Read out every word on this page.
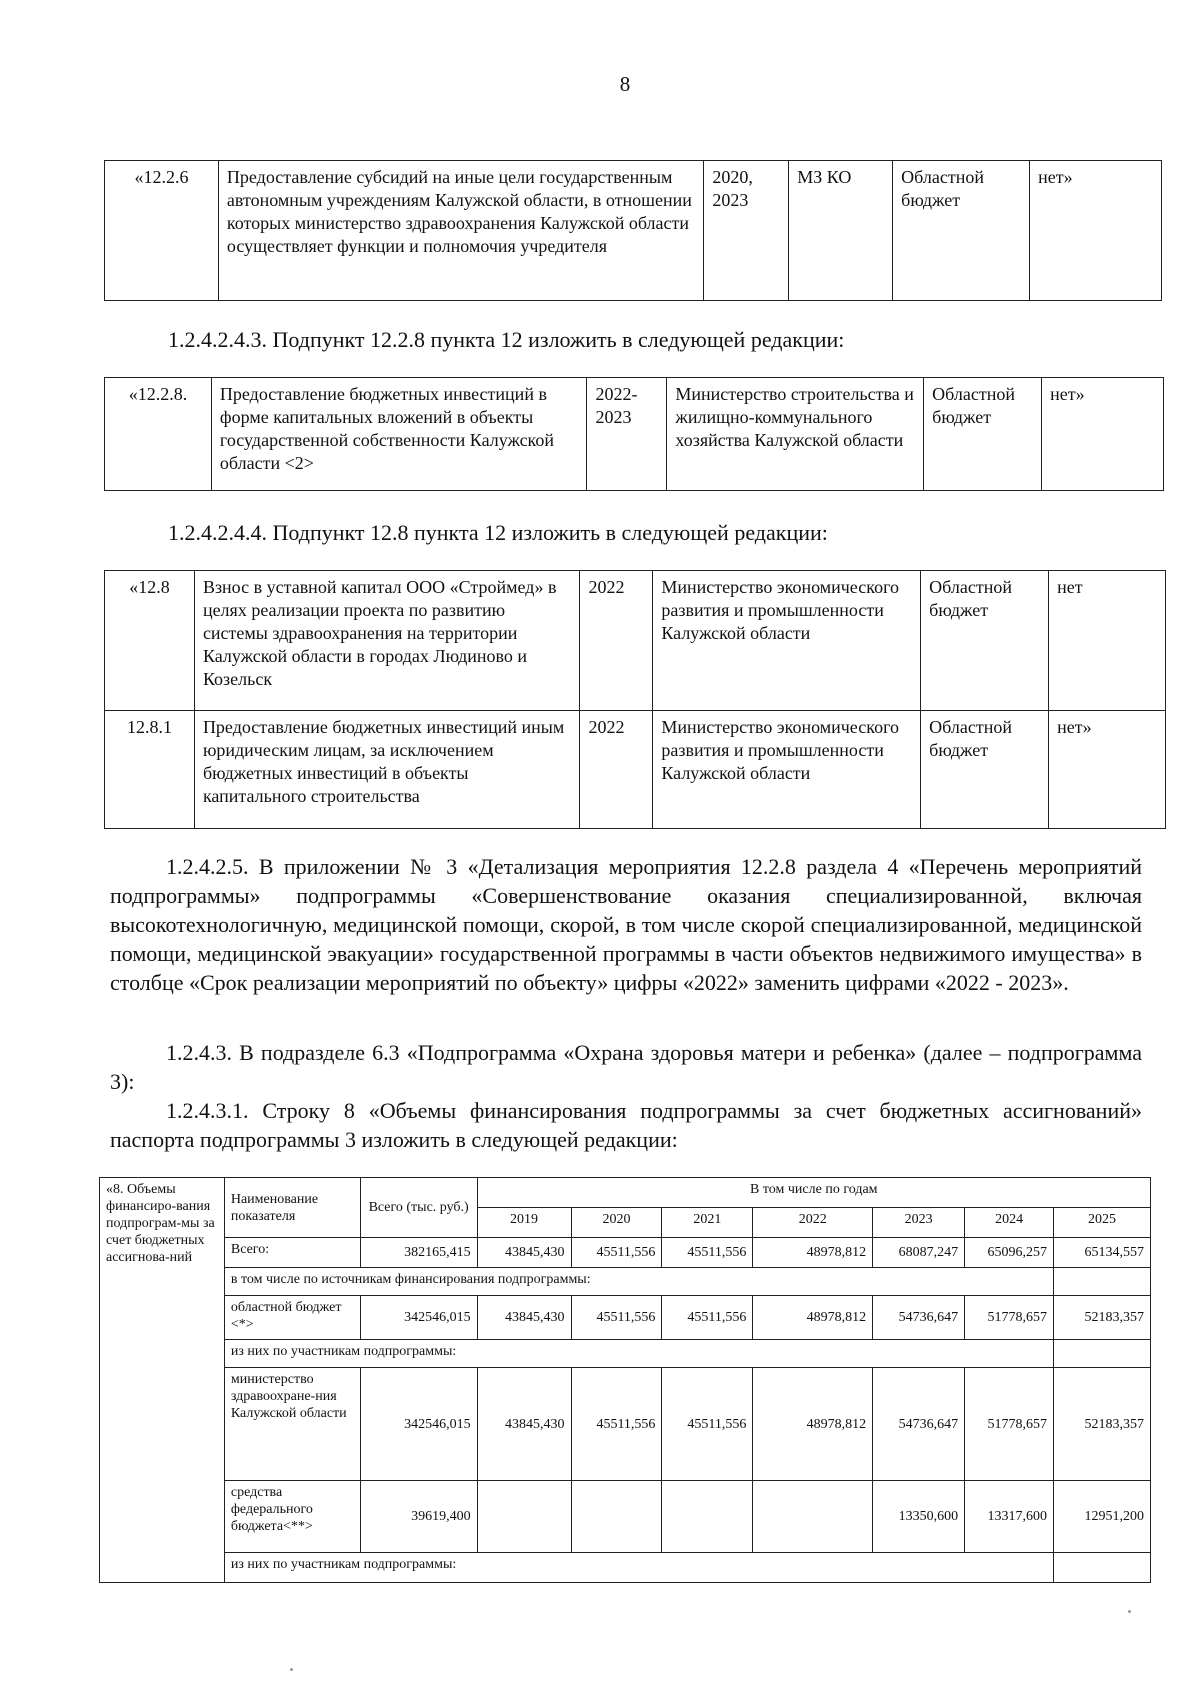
8
«12.2.6	Предоставление субсидий на иные цели государственным автономным учреждениям Калужской области, в отношении которых министерство здравоохранения Калужской области осуществляет функции и полномочия учредителя	2020, 2023	МЗ КО	Областной бюджет	нет»
1.2.4.2.4.3. Подпункт 12.2.8 пункта 12 изложить в следующей редакции:
«12.2.8.	Предоставление бюджетных инвестиций в форме капитальных вложений в объекты государственной собственности Калужской области <2>	2022-2023	Министерство строительства и жилищно-коммунального хозяйства Калужской области	Областной бюджет	нет»
1.2.4.2.4.4. Подпункт 12.8 пункта 12 изложить в следующей редакции:
«12.8	Взнос в уставной капитал ООО «Строймед» в целях реализации проекта по развитию системы здравоохранения на территории Калужской области в городах Людиново и Козельск	2022	Министерство экономического развития и промышленности Калужской области	Областной бюджет	нет
12.8.1	Предоставление бюджетных инвестиций иным юридическим лицам, за исключением бюджетных инвестиций в объекты капитального строительства	2022	Министерство экономического развития и промышленности Калужской области	Областной бюджет	нет»
1.2.4.2.5. В приложении № 3 «Детализация мероприятия 12.2.8 раздела 4 «Перечень мероприятий подпрограммы» подпрограммы «Совершенствование оказания специализированной, включая высокотехнологичную, медицинской помощи, скорой, в том числе скорой специализированной, медицинской помощи, медицинской эвакуации» государственной программы в части объектов недвижимого имущества» в столбце «Срок реализации мероприятий по объекту» цифры «2022» заменить цифрами «2022 - 2023».
1.2.4.3. В подразделе 6.3 «Подпрограмма «Охрана здоровья матери и ребенка» (далее – подпрограмма 3):
1.2.4.3.1. Строку 8 «Объемы финансирования подпрограммы за счет бюджетных ассигнований» паспорта подпрограммы 3 изложить в следующей редакции:
«8. Объемы финансиро-вания подпрограм-мы за счет бюджетных ассигнова-ний	Наименование показателя	Всего (тыс. руб.)	В том числе по годам						
			2019	2020	2021	2022	2023	2024	2025
	Всего:	382165,415	43845,430	45511,556	45511,556	48978,812	68087,247	65096,257	65134,557
	в том числе по источникам финансирования подпрограммы:								
	областной бюджет <*>	342546,015	43845,430	45511,556	45511,556	48978,812	54736,647	51778,657	52183,357
	из них по участникам подпрограммы:								
	министерство здравоохране-ния Калужской области	342546,015	43845,430	45511,556	45511,556	48978,812	54736,647	51778,657	52183,357
	средства федерального бюджета<**>	39619,400					13350,600	13317,600	12951,200
	из них по участникам подпрограммы:								
